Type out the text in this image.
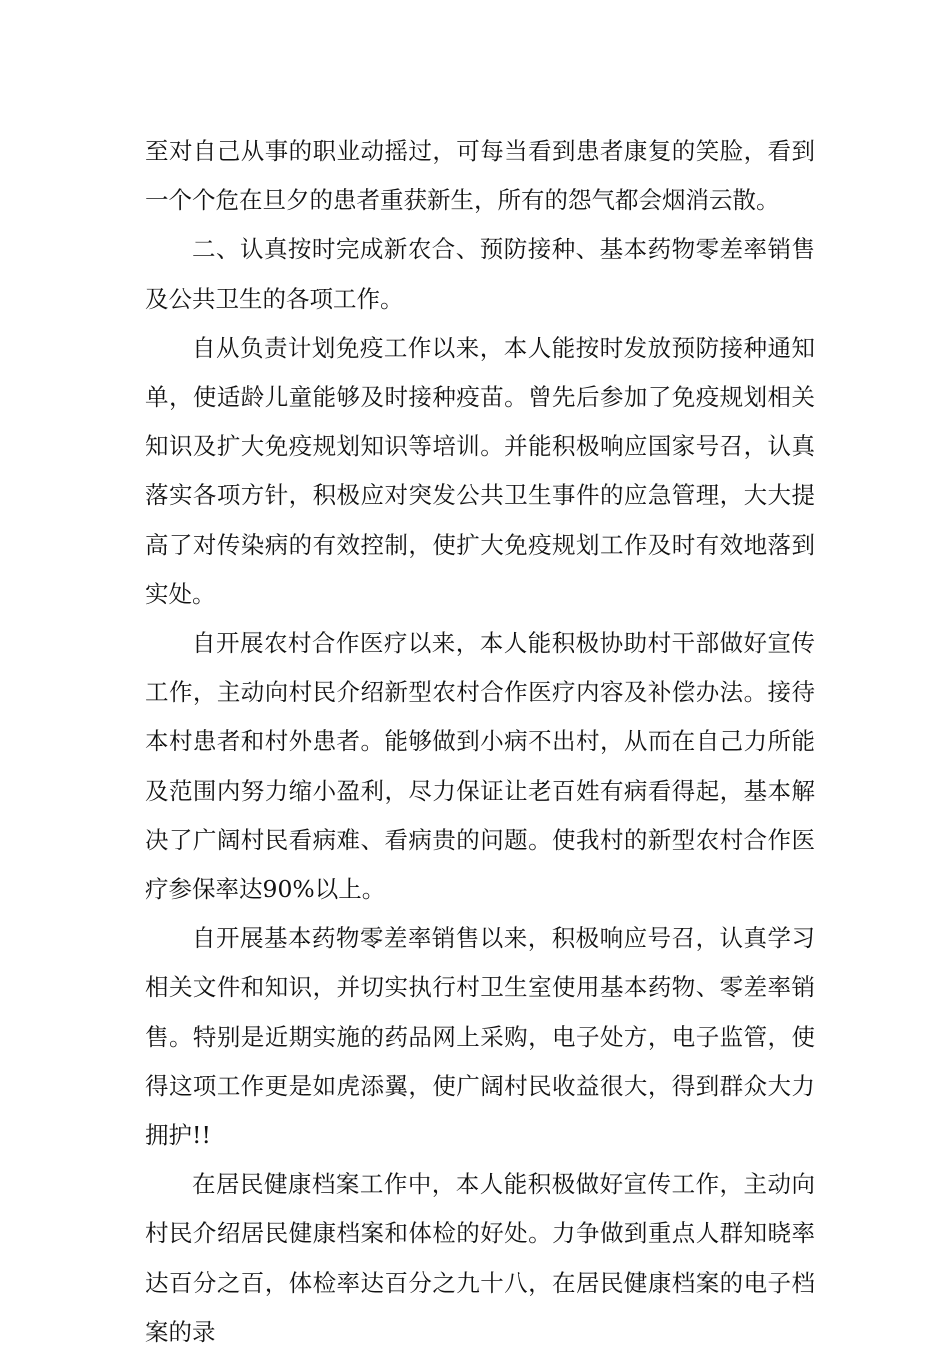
至对自己从事的职业动摇过，可每当看到患者康复的笑脸，看到一个个危在旦夕的患者重获新生，所有的怨气都会烟消云散。

二、认真按时完成新农合、预防接种、基本药物零差率销售及公共卫生的各项工作。

自从负责计划免疫工作以来，本人能按时发放预防接种通知单，使适龄儿童能够及时接种疫苗。曾先后参加了免疫规划相关知识及扩大免疫规划知识等培训。并能积极响应国家号召，认真落实各项方针，积极应对突发公共卫生事件的应急管理，大大提高了对传染病的有效控制，使扩大免疫规划工作及时有效地落到实处。

自开展农村合作医疗以来，本人能积极协助村干部做好宣传工作，主动向村民介绍新型农村合作医疗内容及补偿办法。接待本村患者和村外患者。能够做到小病不出村，从而在自己力所能及范围内努力缩小盈利，尽力保证让老百姓有病看得起，基本解决了广阔村民看病难、看病贵的问题。使我村的新型农村合作医疗参保率达90%以上。

自开展基本药物零差率销售以来，积极响应号召，认真学习相关文件和知识，并切实执行村卫生室使用基本药物、零差率销售。特别是近期实施的药品网上采购，电子处方，电子监管，使得这项工作更是如虎添翼，使广阔村民收益很大，得到群众大力拥护!!

在居民健康档案工作中，本人能积极做好宣传工作，主动向村民介绍居民健康档案和体检的好处。力争做到重点人群知晓率达百分之百，体检率达百分之九十八，在居民健康档案的电子档案的录
